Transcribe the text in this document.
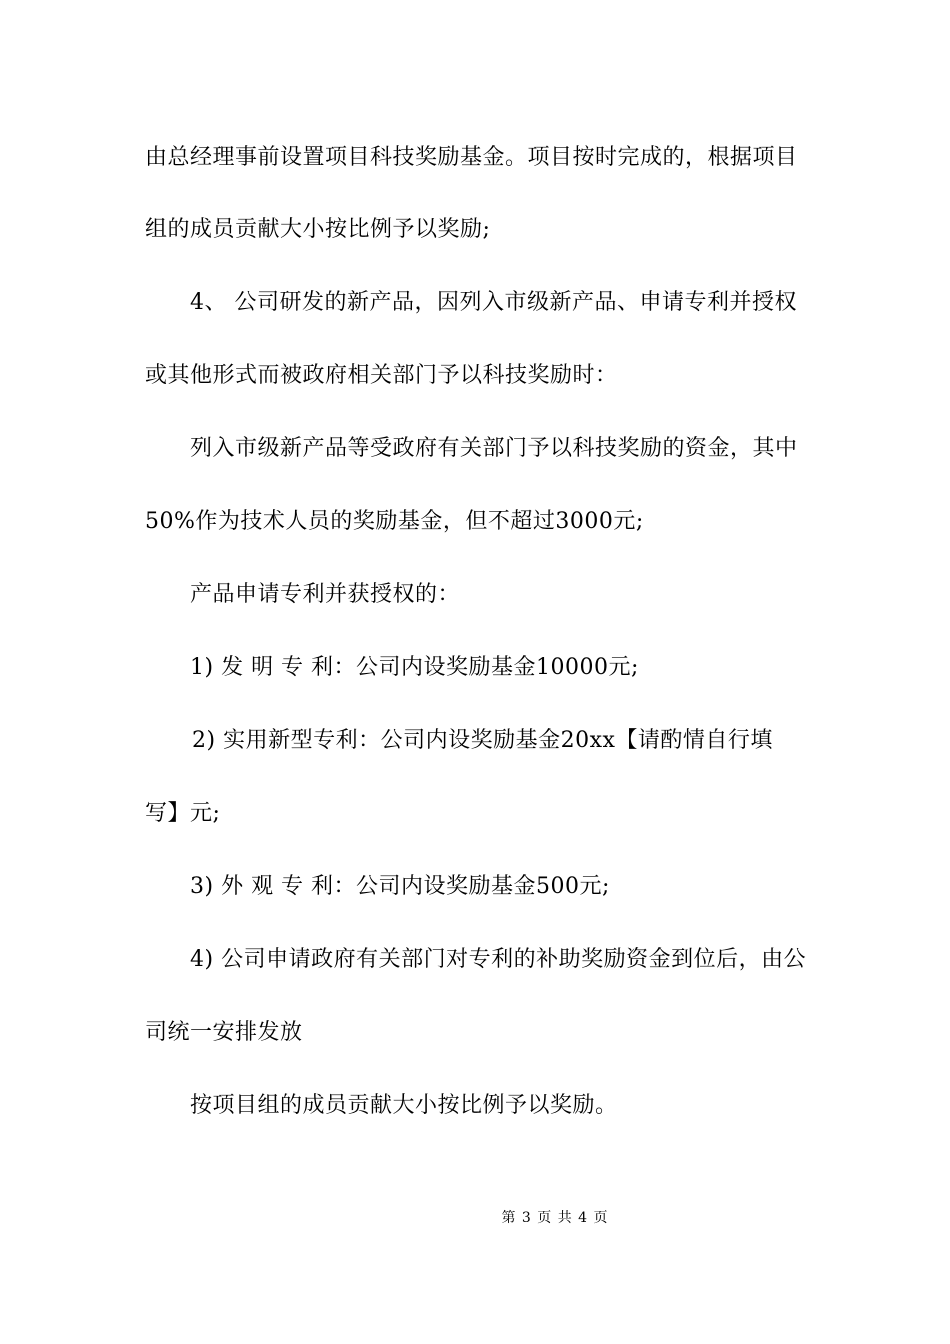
由总经理事前设置项目科技奖励基金。项目按时完成的，根据项目
组的成员贡献大小按比例予以奖励;
4、 公司研发的新产品，因列入市级新产品、申请专利并授权
或其他形式而被政府相关部门予以科技奖励时：
列入市级新产品等受政府有关部门予以科技奖励的资金，其中
50%作为技术人员的奖励基金，但不超过3000元;
产品申请专利并获授权的：
1) 发 明 专 利：公司内设奖励基金10000元;
2) 实用新型专利：公司内设奖励基金20xx【请酌情自行填
写】元;
3) 外 观 专 利：公司内设奖励基金500元;
4) 公司申请政府有关部门对专利的补助奖励资金到位后，由公
司统一安排发放
按项目组的成员贡献大小按比例予以奖励。
第 3 页 共 4 页
